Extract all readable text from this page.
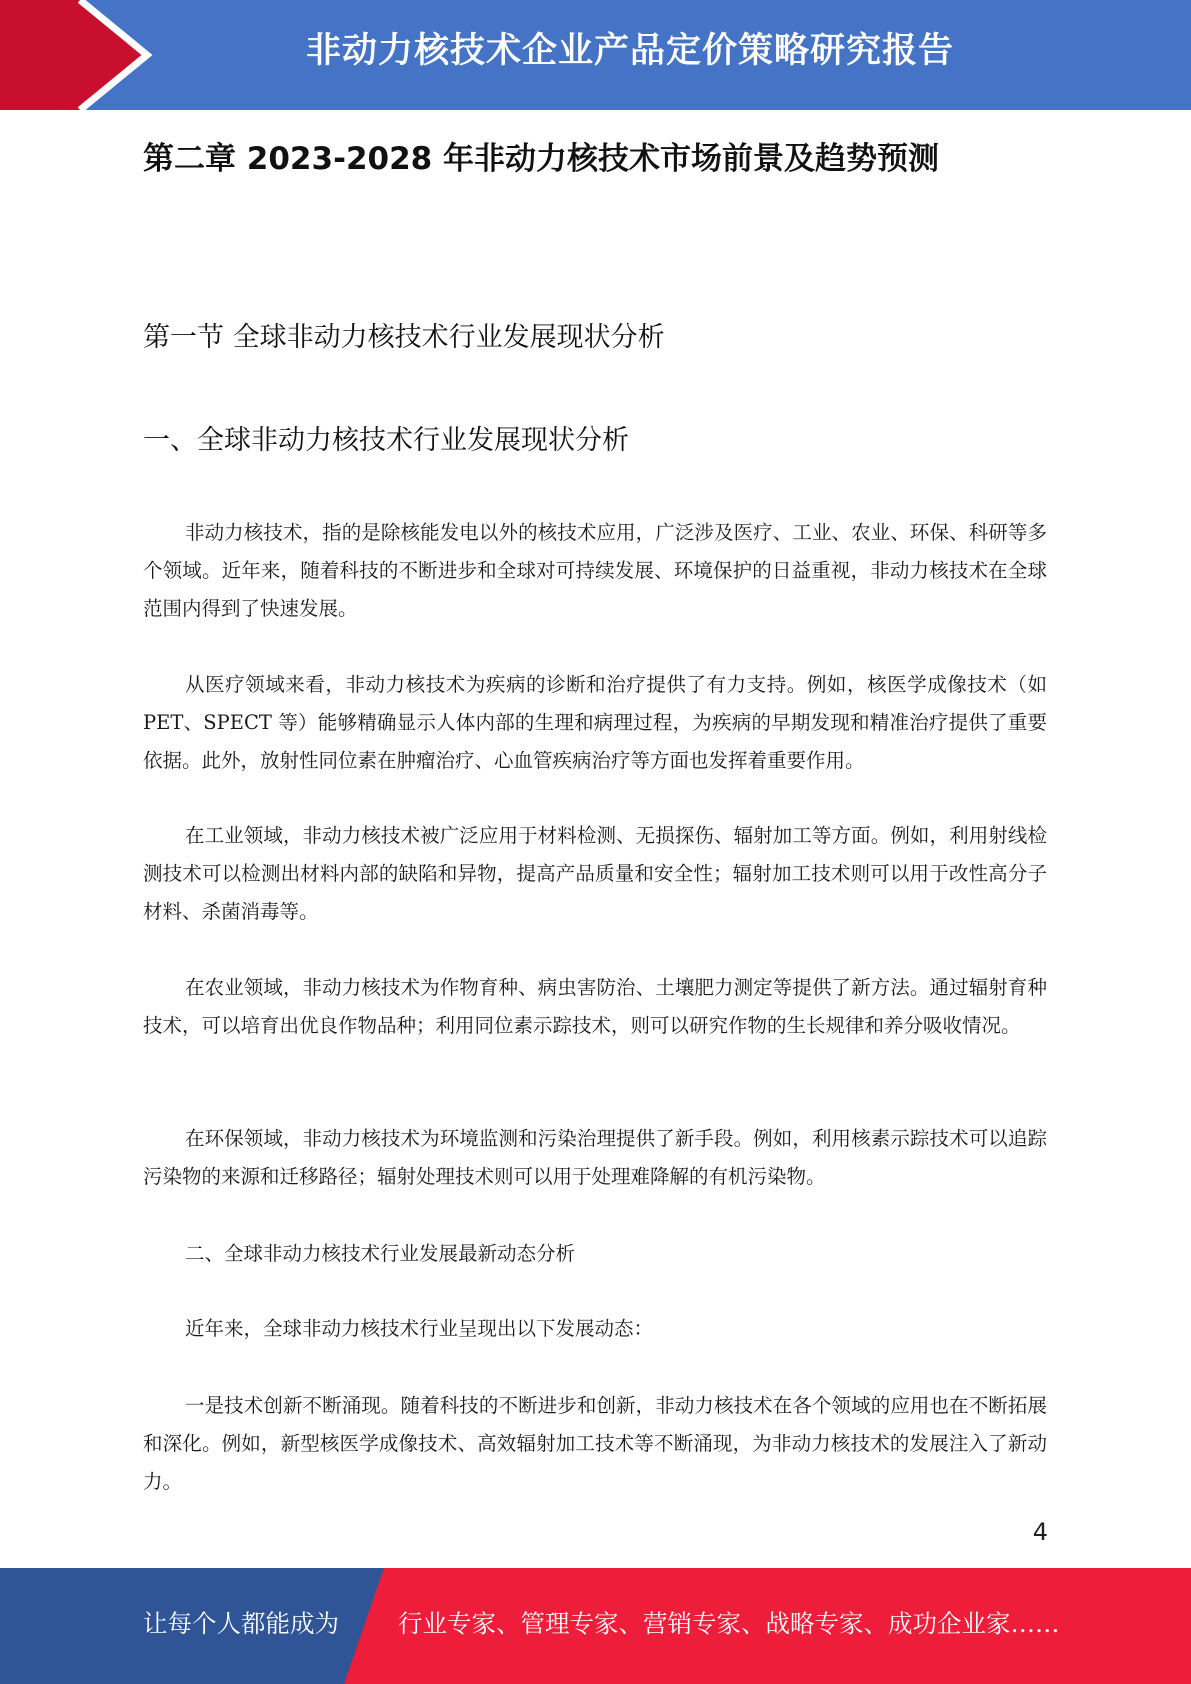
非动力核技术企业产品定价策略研究报告
第二章 2023-2028 年非动力核技术市场前景及趋势预测
第一节 全球非动力核技术行业发展现状分析
一、全球非动力核技术行业发展现状分析

非动力核技术，指的是除核能发电以外的核技术应用，广泛涉及医疗、工业、农业、环保、科研等多个领域。近年来，随着科技的不断进步和全球对可持续发展、环境保护的日益重视，非动力核技术在全球范围内得到了快速发展。

从医疗领域来看，非动力核技术为疾病的诊断和治疗提供了有力支持。例如，核医学成像技术（如 PET、SPECT 等）能够精确显示人体内部的生理和病理过程，为疾病的早期发现和精准治疗提供了重要依据。此外，放射性同位素在肿瘤治疗、心血管疾病治疗等方面也发挥着重要作用。

在工业领域，非动力核技术被广泛应用于材料检测、无损探伤、辐射加工等方面。例如，利用射线检测技术可以检测出材料内部的缺陷和异物，提高产品质量和安全性；辐射加工技术则可以用于改性高分子材料、杀菌消毒等。

在农业领域，非动力核技术为作物育种、病虫害防治、土壤肥力测定等提供了新方法。通过辐射育种技术，可以培育出优良作物品种；利用同位素示踪技术，则可以研究作物的生长规律和养分吸收情况。

在环保领域，非动力核技术为环境监测和污染治理提供了新手段。例如，利用核素示踪技术可以追踪污染物的来源和迁移路径；辐射处理技术则可以用于处理难降解的有机污染物。

二、全球非动力核技术行业发展最新动态分析

近年来，全球非动力核技术行业呈现出以下发展动态：

一是技术创新不断涌现。随着科技的不断进步和创新，非动力核技术在各个领域的应用也在不断拓展和深化。例如，新型核医学成像技术、高效辐射加工技术等不断涌现，为非动力核技术的发展注入了新动力。

4
让每个人都能成为 行业专家、管理专家、营销专家、战略专家、成功企业家……
